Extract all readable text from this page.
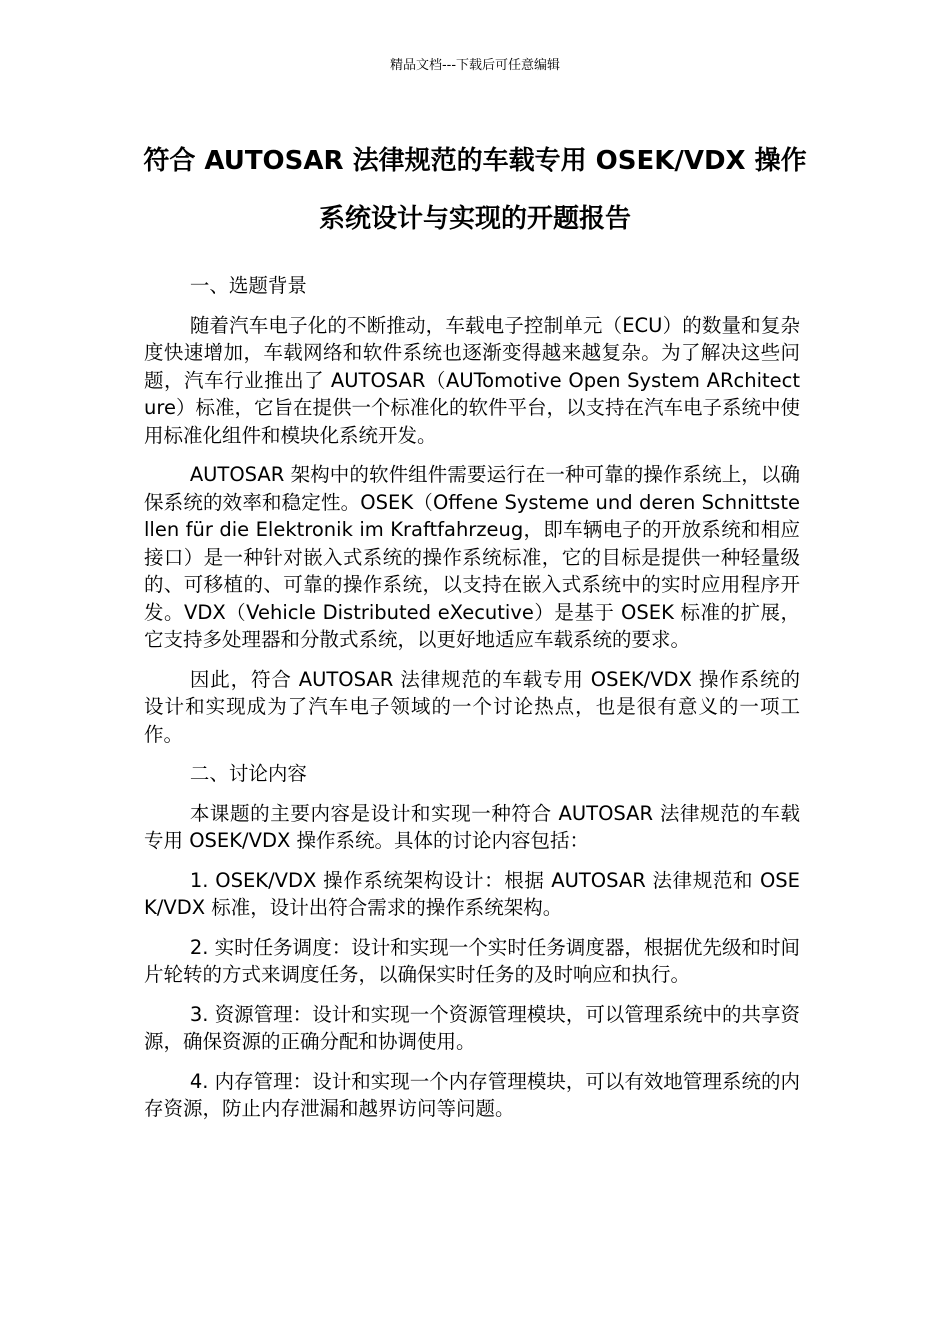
精品文档---下载后可任意编辑
符合 AUTOSAR 法律规范的车载专用 OSEK/VDX 操作系统设计与实现的开题报告

一、选题背景

随着汽车电子化的不断推动，车载电子控制单元（ECU）的数量和复杂度快速增加，车载网络和软件系统也逐渐变得越来越复杂。为了解决这些问题，汽车行业推出了 AUTOSAR（AUTomotive Open System ARchitecture）标准，它旨在提供一个标准化的软件平台，以支持在汽车电子系统中使用标准化组件和模块化系统开发。

AUTOSAR 架构中的软件组件需要运行在一种可靠的操作系统上，以确保系统的效率和稳定性。OSEK（Offene Systeme und deren Schnittstellen für die Elektronik im Kraftfahrzeug，即车辆电子的开放系统和相应接口）是一种针对嵌入式系统的操作系统标准，它的目标是提供一种轻量级的、可移植的、可靠的操作系统，以支持在嵌入式系统中的实时应用程序开发。VDX（Vehicle Distributed eXecutive）是基于 OSEK 标准的扩展，它支持多处理器和分散式系统，以更好地适应车载系统的要求。

因此，符合 AUTOSAR 法律规范的车载专用 OSEK/VDX 操作系统的设计和实现成为了汽车电子领域的一个讨论热点，也是很有意义的一项工作。

二、讨论内容

本课题的主要内容是设计和实现一种符合 AUTOSAR 法律规范的车载专用 OSEK/VDX 操作系统。具体的讨论内容包括：

1. OSEK/VDX 操作系统架构设计：根据 AUTOSAR 法律规范和 OSEK/VDX 标准，设计出符合需求的操作系统架构。

2. 实时任务调度：设计和实现一个实时任务调度器，根据优先级和时间片轮转的方式来调度任务，以确保实时任务的及时响应和执行。

3. 资源管理：设计和实现一个资源管理模块，可以管理系统中的共享资源，确保资源的正确分配和协调使用。

4. 内存管理：设计和实现一个内存管理模块，可以有效地管理系统的内存资源，防止内存泄漏和越界访问等问题。
